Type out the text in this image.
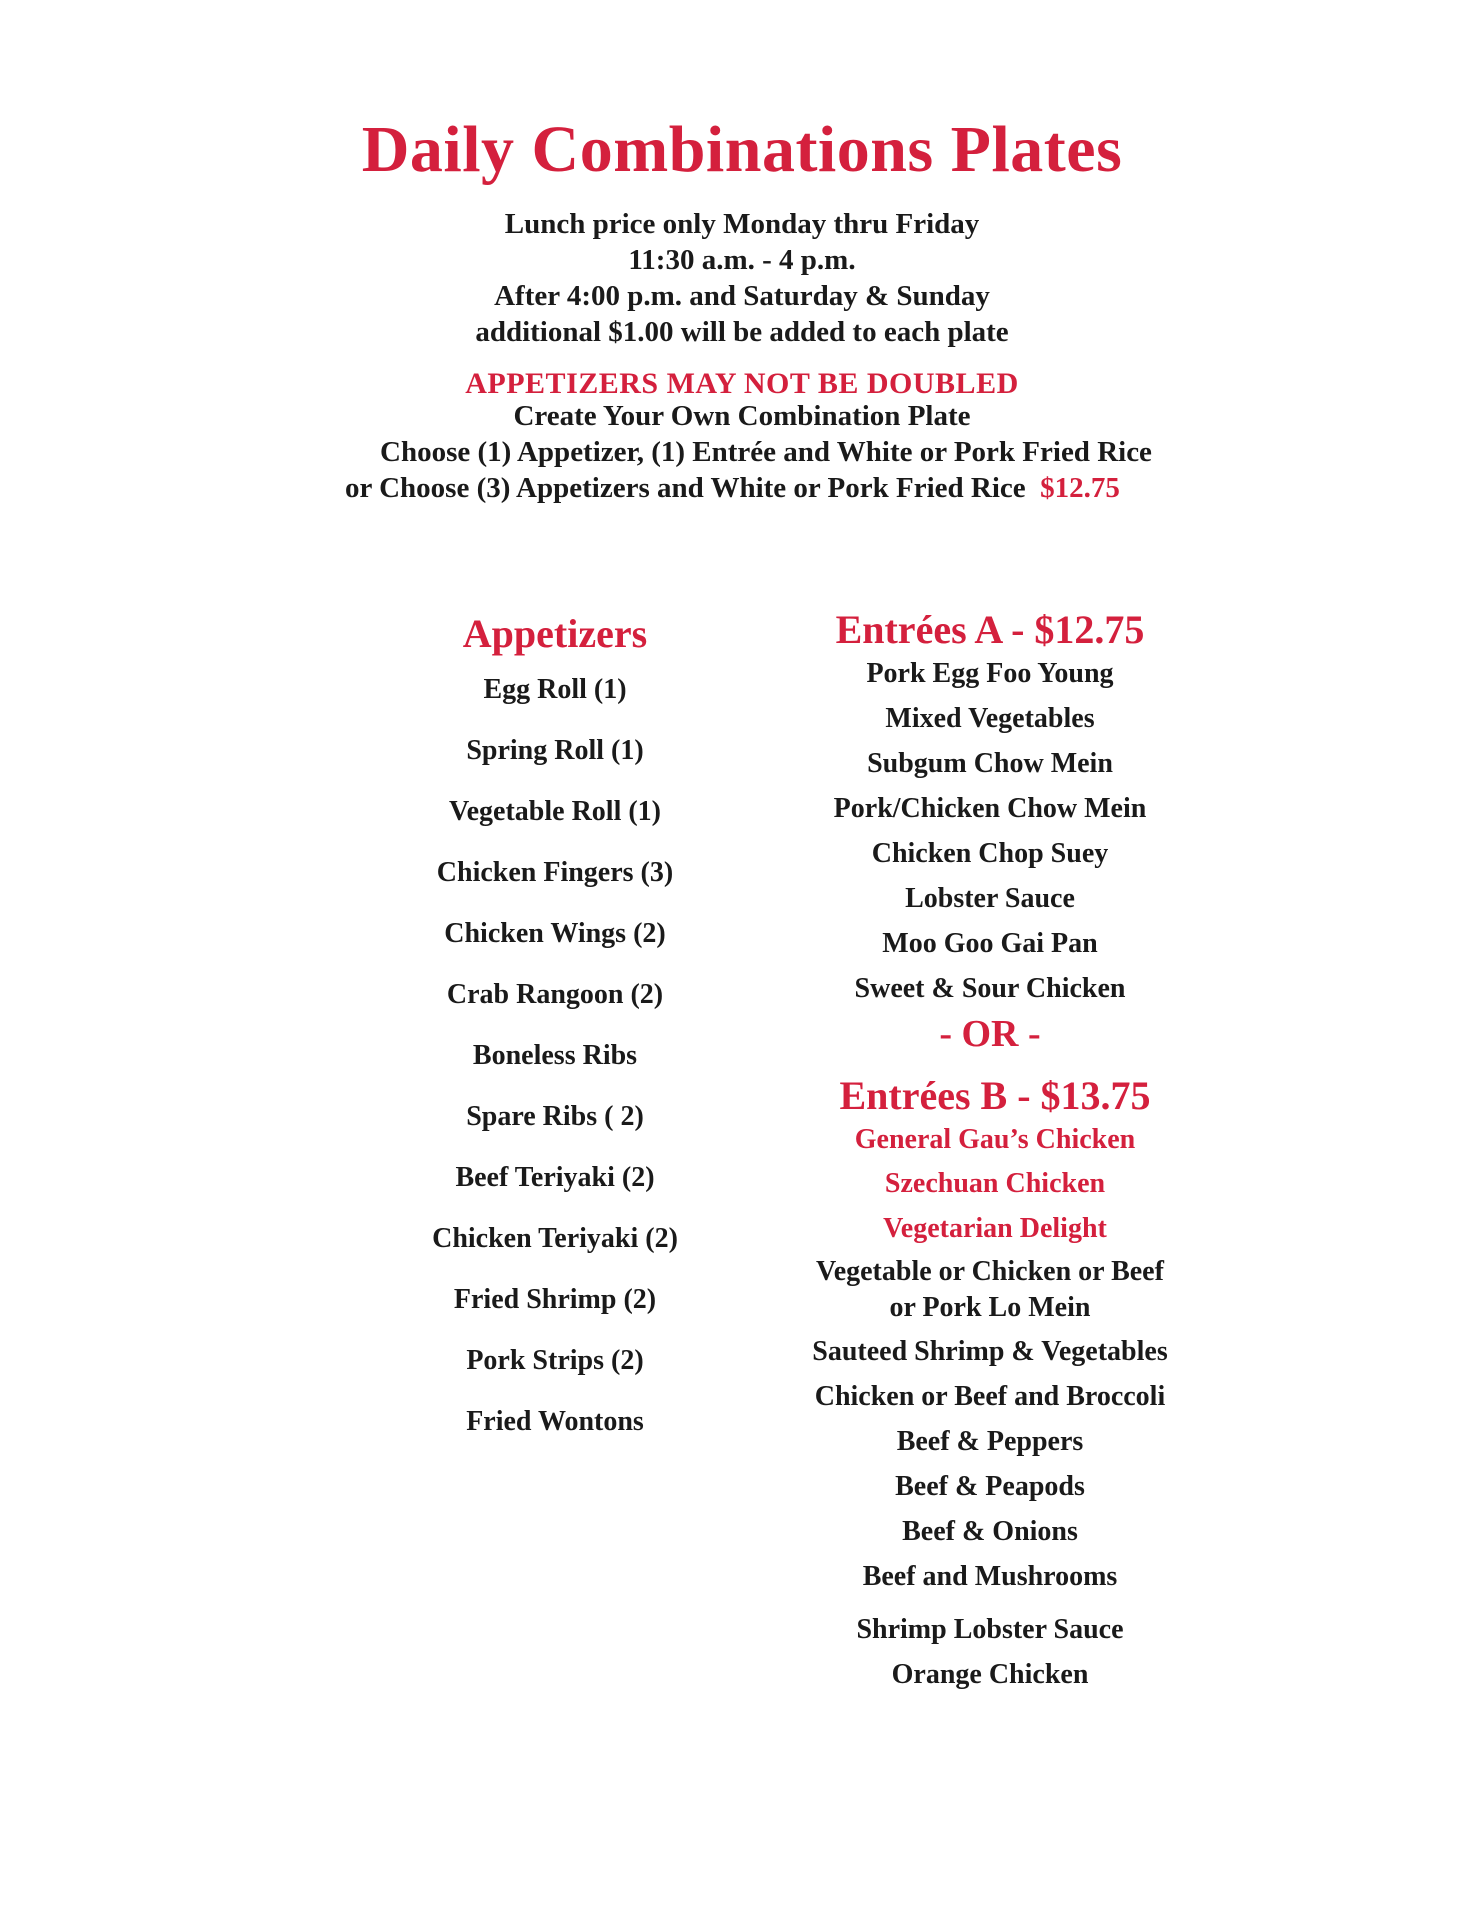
Daily Combinations Plates
Lunch price only Monday thru Friday
11:30 a.m. - 4 p.m.
After 4:00 p.m. and Saturday & Sunday
additional $1.00 will be added to each plate
APPETIZERS MAY NOT BE DOUBLED
Create Your Own Combination Plate
Choose (1) Appetizer, (1) Entrée and White or Pork Fried Rice
or Choose (3) Appetizers and White or Pork Fried Rice $12.75
Appetizers
Egg Roll (1)
Spring Roll (1)
Vegetable Roll (1)
Chicken Fingers (3)
Chicken Wings (2)
Crab Rangoon (2)
Boneless Ribs
Spare Ribs ( 2)
Beef Teriyaki (2)
Chicken Teriyaki (2)
Fried Shrimp (2)
Pork Strips (2)
Fried Wontons
Entrées A - $12.75
- OR -
Entrées B - $13.75
Pork Egg Foo Young
Mixed Vegetables
Subgum Chow Mein
Pork/Chicken Chow Mein
Chicken Chop Suey
Lobster Sauce
Moo Goo Gai Pan
Sweet & Sour Chicken
General Gau’s Chicken
Szechuan Chicken
Vegetarian Delight
Vegetable or Chicken or Beef
or Pork Lo Mein
Sauteed Shrimp & Vegetables
Chicken or Beef and Broccoli
Beef & Peppers
Beef & Peapods
Beef & Onions
Beef and Mushrooms
Shrimp Lobster Sauce
Orange Chicken
